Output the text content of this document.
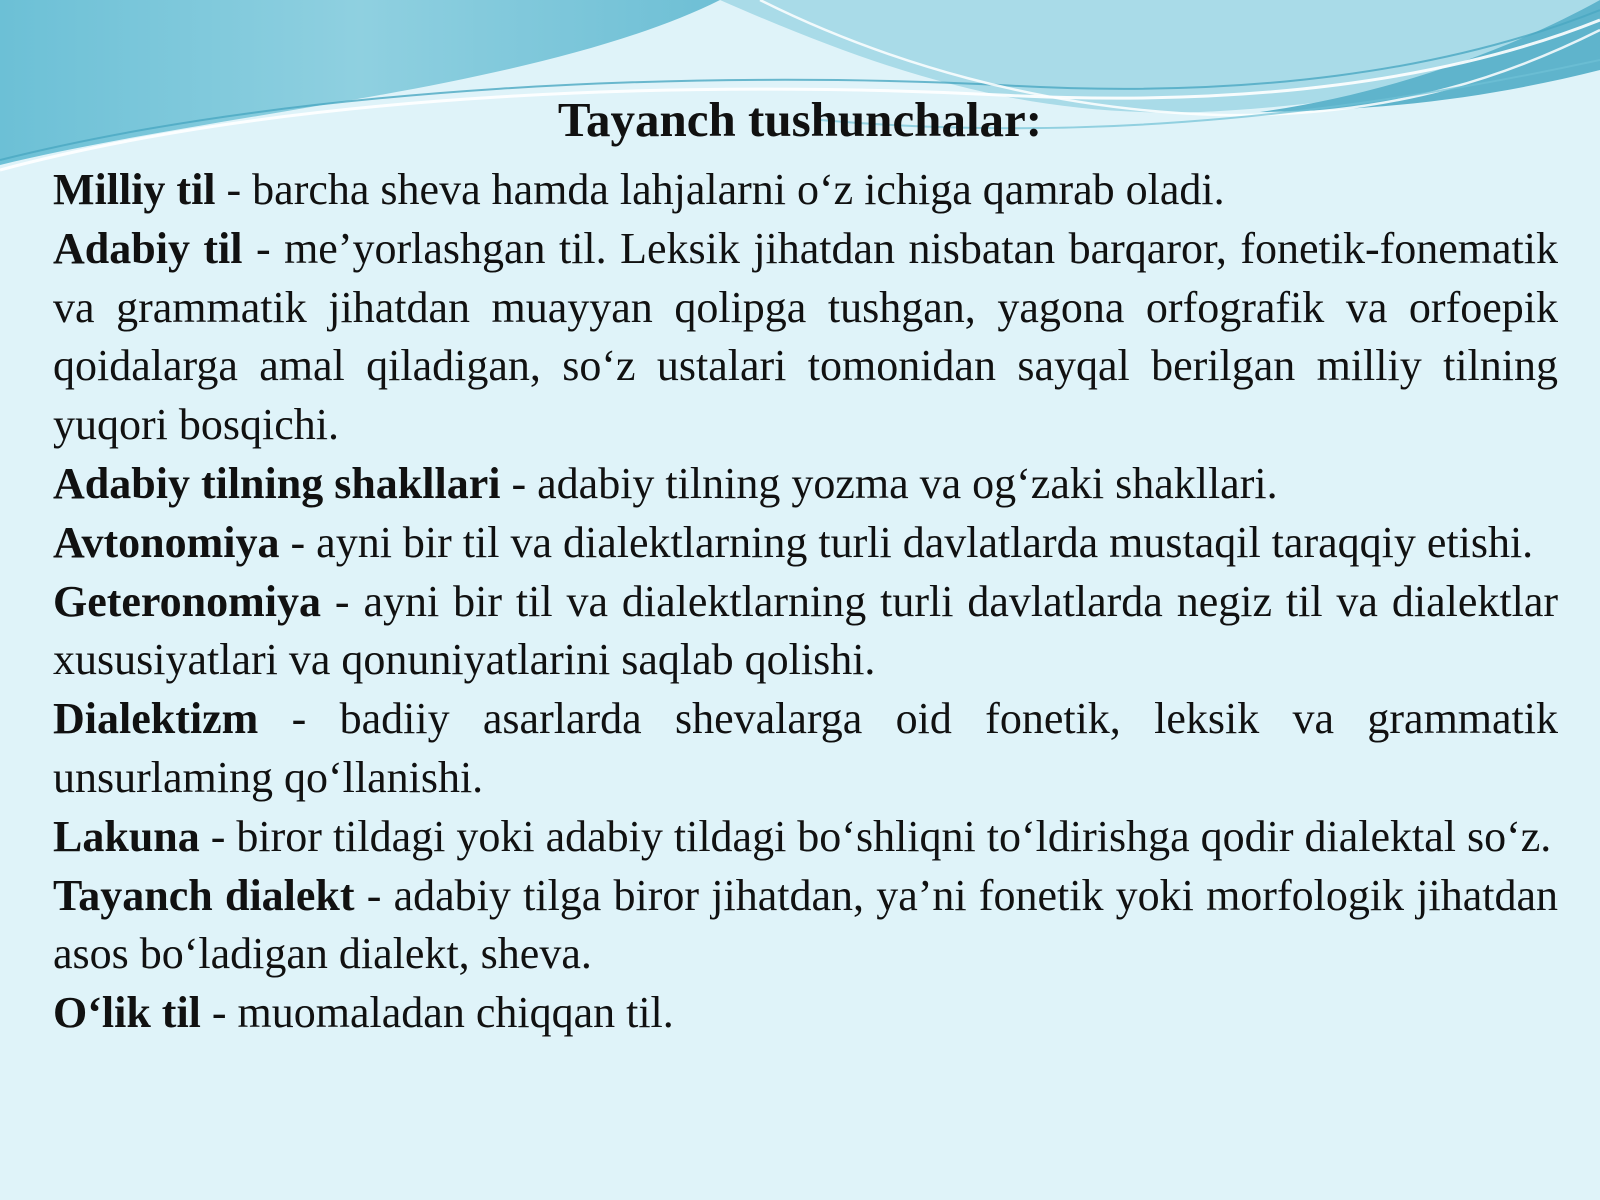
Tayanch tushunchalar:
Milliy til - barcha sheva hamda lahjalarni o‘z ichiga qamrab oladi.
Adabiy til - me’yorlashgan til. Leksik jihatdan nisbatan barqaror, fonetik-fonematik va grammatik jihatdan muayyan qolipga tushgan, yagona orfografik va orfoepik qoidalarga amal qiladigan, so‘z ustalari tomonidan sayqal berilgan milliy tilning yuqori bosqichi.
Adabiy tilning shakllari - adabiy tilning yozma va og‘zaki shakllari.
Avtonomiya - ayni bir til va dialektlarning turli davlatlarda mustaqil taraqqiy etishi.
Geteronomiya - ayni bir til va dialektlarning turli davlatlarda negiz til va dialektlar xususiyatlari va qonuniyatlarini saqlab qolishi.
Dialektizm - badiiy asarlarda shevalarga oid fonetik, leksik va grammatik unsurlaming qo‘llanishi.
Lakuna - biror tildagi yoki adabiy tildagi bo‘shliqni to‘ldirishga qodir dialektal so‘z.
Tayanch dialekt - adabiy tilga biror jihatdan, ya’ni fonetik yoki morfologik jihatdan asos bo‘ladigan dialekt, sheva.
O‘lik til - muomaladan chiqqan til.
